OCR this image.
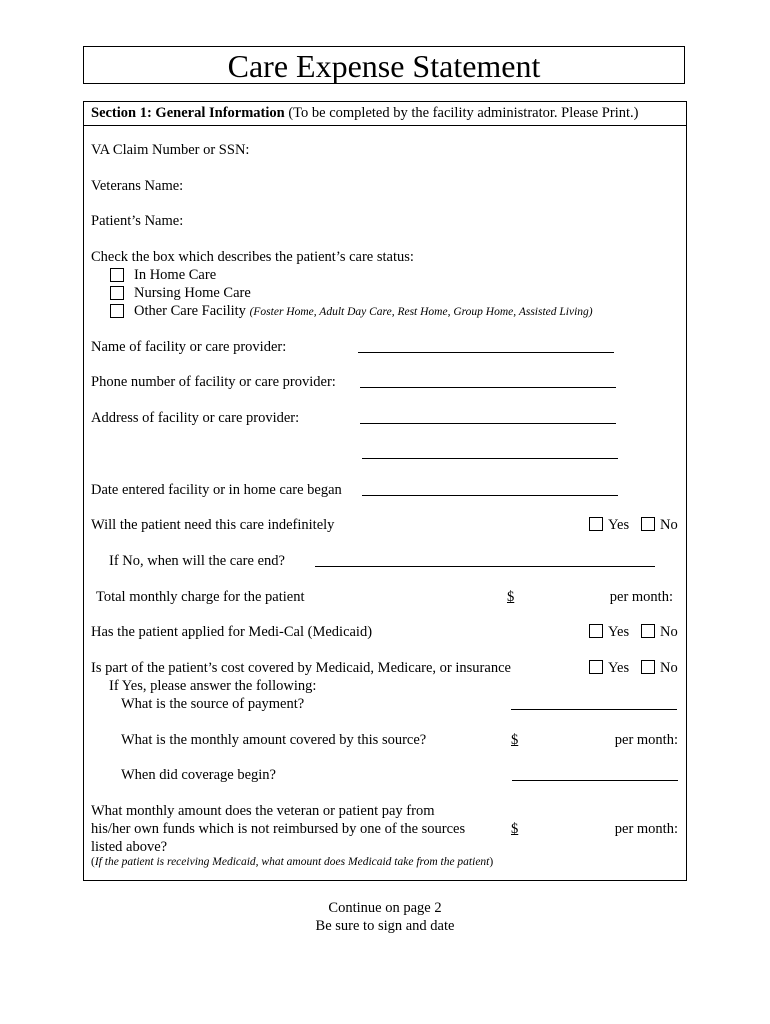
Care Expense Statement
Section 1: General Information (To be completed by the facility administrator. Please Print.)
VA Claim Number or SSN:
Veterans Name:
Patient’s Name:
Check the box which describes the patient’s care status:
In Home Care
Nursing Home Care
Other Care Facility (Foster Home, Adult Day Care, Rest Home, Group Home, Assisted Living)
Name of facility or care provider:
Phone number of facility or care provider:
Address of facility or care provider:
Date entered facility or in home care began
Will the patient need this care indefinitely	Yes No
If No, when will the care end?
Total monthly charge for the patient	$	per month:
Has the patient applied for Medi-Cal (Medicaid)	Yes No
Is part of the patient’s cost covered by Medicaid, Medicare, or insurance	Yes No
If Yes, please answer the following:
What is the source of payment?
What is the monthly amount covered by this source?	$	per month:
When did coverage begin?
What monthly amount does the veteran or patient pay from
his/her own funds which is not reimbursed by one of the sources
listed above?
$	per month:
(If the patient is receiving Medicaid, what amount does Medicaid take from the patient)
Continue on page 2
Be sure to sign and date
